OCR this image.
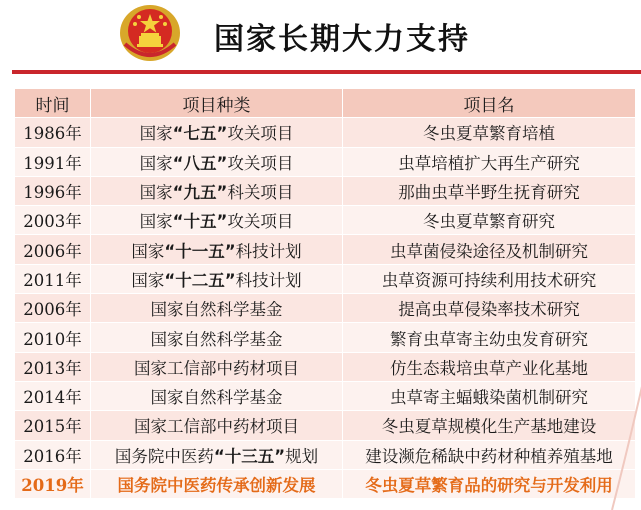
国家长期大力支持
时间	项目种类	项目名
1986年	国家“七五”攻关项目	冬虫夏草繁育培植
1991年	国家“八五”攻关项目	虫草培植扩大再生产研究
1996年	国家“九五”科关项目	那曲虫草半野生抚育研究
2003年	国家“十五”攻关项目	冬虫夏草繁育研究
2006年	国家“十一五”科技计划	虫草菌侵染途径及机制研究
2011年	国家“十二五”科技计划	虫草资源可持续利用技术研究
2006年	国家自然科学基金	提高虫草侵染率技术研究
2010年	国家自然科学基金	繁育虫草寄主幼虫发育研究
2013年	国家工信部中药材项目	仿生态栽培虫草产业化基地
2014年	国家自然科学基金	虫草寄主蝠蛾染菌机制研究
2015年	国家工信部中药材项目	冬虫夏草规模化生产基地建设
2016年	国务院中医药“十三五”规划	建设濒危稀缺中药材种植养殖基地
2019年	国务院中医药传承创新发展	冬虫夏草繁育品的研究与开发利用
